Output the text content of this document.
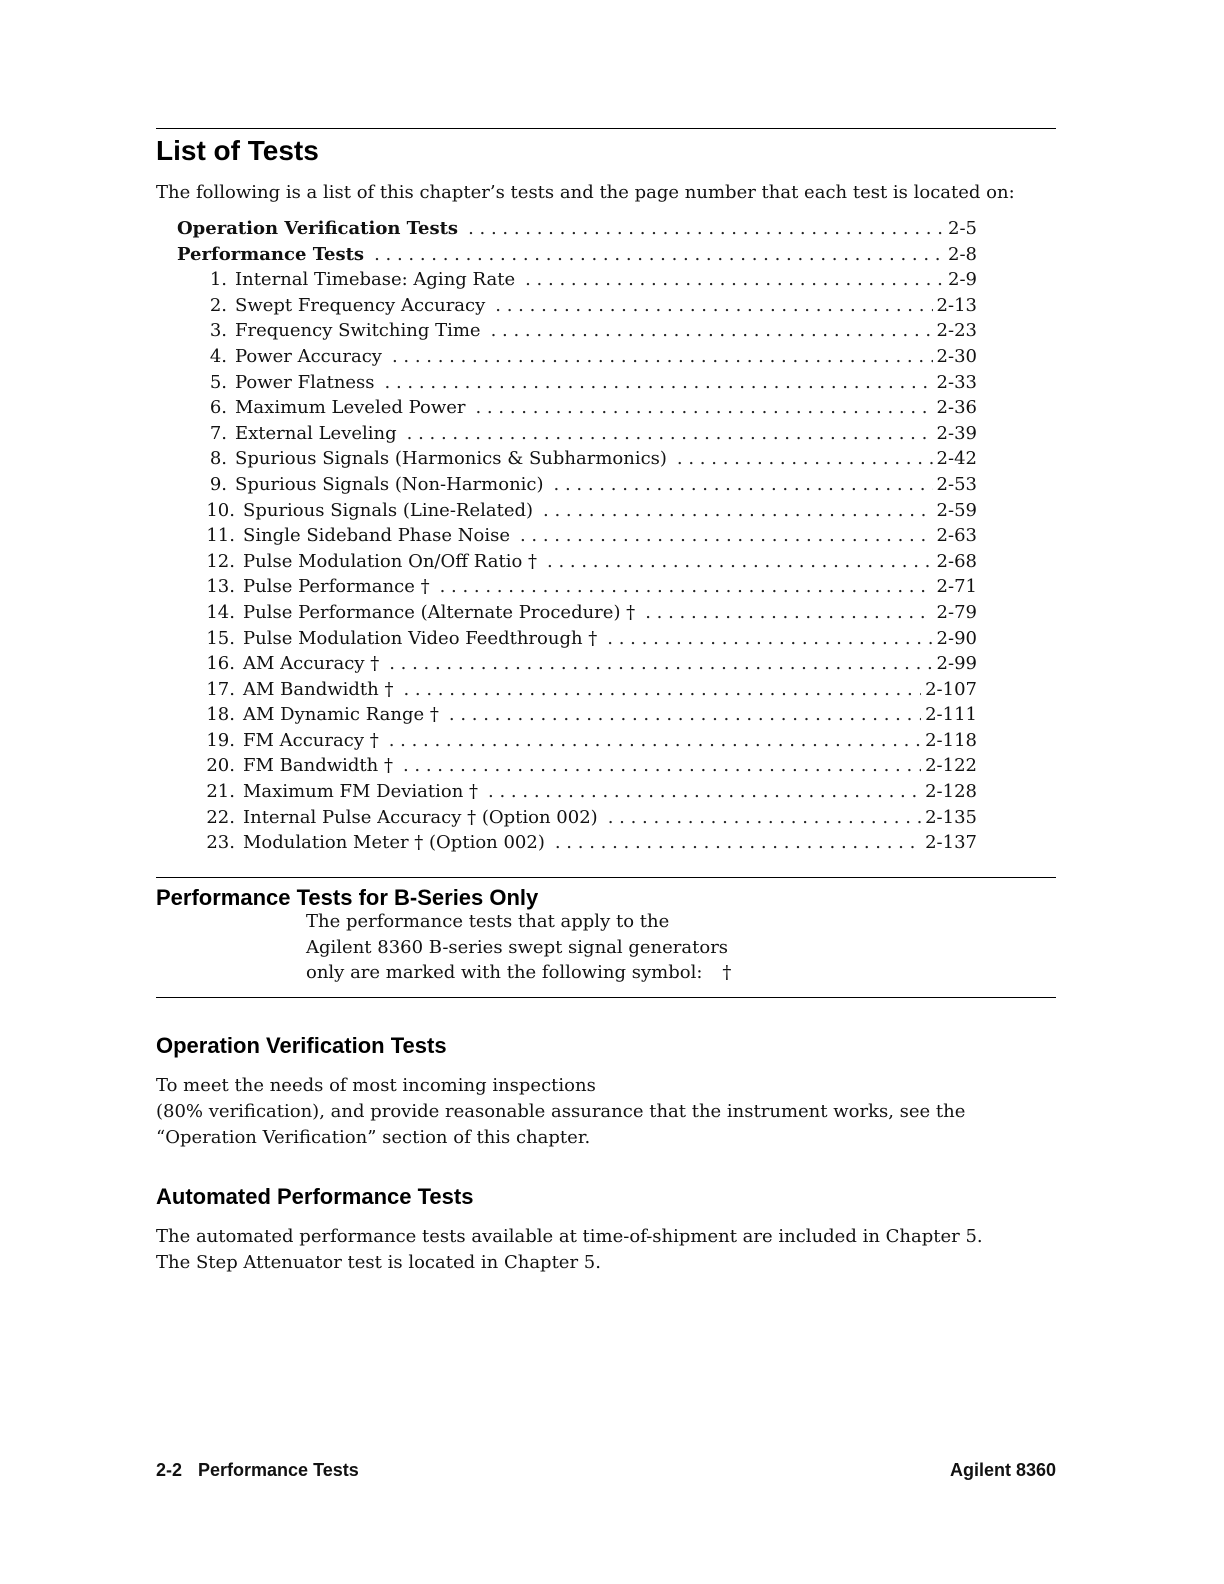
List of Tests

The following is a list of this chapter’s tests and the page number that each test is located on:

Operation Verification Tests . . .	2-5
Performance Tests . . .	2-8
1. Internal Timebase: Aging Rate . . .	2-9
2. Swept Frequency Accuracy . . .	2-13
3. Frequency Switching Time . . .	2-23
4. Power Accuracy . . .	2-30
5. Power Flatness . . .	2-33
6. Maximum Leveled Power . . .	2-36
7. External Leveling . . .	2-39
8. Spurious Signals (Harmonics & Subharmonics) . . .	2-42
9. Spurious Signals (Non-Harmonic) . . .	2-53
10. Spurious Signals (Line-Related) . . .	2-59
11. Single Sideband Phase Noise . . .	2-63
12. Pulse Modulation On/Off Ratio † . . .	2-68
13. Pulse Performance † . . .	2-71
14. Pulse Performance (Alternate Procedure) † . . .	2-79
15. Pulse Modulation Video Feedthrough † . . .	2-90
16. AM Accuracy † . . .	2-99
17. AM Bandwidth † . . .	2-107
18. AM Dynamic Range † . . .	2-111
19. FM Accuracy † . . .	2-118
20. FM Bandwidth † . . .	2-122
21. Maximum FM Deviation † . . .	2-128
22. Internal Pulse Accuracy † (Option 002) . . .	2-135
23. Modulation Meter † (Option 002) . . .	2-137
Performance Tests for B-Series Only

The performance tests that apply to the
Agilent 8360 B-series swept signal generators
only are marked with the following symbol: †

Operation Verification Tests

To meet the needs of most incoming inspections
(80% verification), and provide reasonable assurance that the instrument works, see the
“Operation Verification” section of this chapter.

Automated Performance Tests

The automated performance tests available at time-of-shipment are included in Chapter 5.
The Step Attenuator test is located in Chapter 5.

2-2 Performance Tests	Agilent 8360
